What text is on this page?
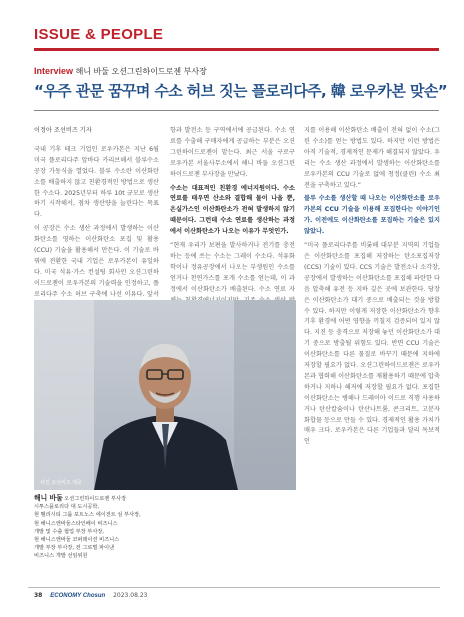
ISSUE & PEOPLE
Interview 해니 바둘 오션그린하이드로젠 부사장
“우주 관문 꿈꾸며 수소 허브 짓는 플로리다주, 韓 로우카본 맞손”

이정아 조선비즈 기자

국내 기후 테크 기업인 로우카본은 지난 6월 미국 플로리다주 앞바다 카리브해서 블루수소 공장 가동식을 열었다. 블루 수소란 이산화탄소를 배출하지 않고 친환경적인 방법으로 생산한 수소다. 2025년부터 하루 10t 규모로 생산하기 시작해서, 점차 생산량을 늘린다는 목표다.

이 공장은 수소 생산 과정에서 발생하는 이산화탄소를 영하는 이산화탄소 포집 및 활용(CCU) 기술을 활용해서 만든다. 이 기술로 바꿔에 전환한 국내 기업은 로우카본이 유일하다. 미국 석유·가스 컨설팅 회사인 오션그린하이드로젠이 로우카본의 기술력을 인정하고, 플로리다주 수소 허브 구축에 나선 이유다. 앞서

항과 발전소 등 구역에서에 공급된다. 수소 연료를 수출해 구매자에게 공급하는 부분은 오션그린하이드로젠이 맡는다. 최근 서울 구로구 로우카본 서울사무소에서 해니 바둘 오션그린하이드로젠 부사장을 만났다.

수소는 대표적인 친환경 에너지원이다. 수소 연료를 태우면 산소와 결합해 물이 나올 뿐, 온실가스인 이산화탄소가 전혀 발생하지 않기 때문이다. 그런데 수소 연료를 생산하는 과정에서 이산화탄소가 나오는 이유가 무엇인가.

“현재 우리가 보편을 발사하거나 전기를 충전하는 등에 쓰는 수소는 그레이 수소다. 석유화학이나 정유공장에서 나오는 부생원인 수소를 얻거나 천연가스를 포개 수소를 얻는데, 이 과정에서 이산화탄소가 배출된다. 수소 연료 자

지를 이용해 이산화탄소 배출이 전혀 없이 수소(그린 수소)를 얻는 방법도 있다. 하지만 이런 방법은 아직 기술적, 경제적인 문제가 해결되지 않았다. 우리는 수소 생산 과정에서 발생하는 이산화탄소를 로우카본의 CCU 기술로 없애 청정(클린) 수소 최전을 구축하고 있다.”

블루 수소를 생산할 때 나오는 이산화탄소를 로우카본의 CCU 기술을 이용해 포집한다는 이야기인가. 이전에도 이산화탄소를 포집하는 기술은 있지 않았나.

“미국 플로리다주를 비롯해 대부분 지역의 기업들은 이산화탄소를 포집해 저장하는 탄소포집저장(CCS) 기술이 있다. CCS 기술은 발전소나 소각장, 공장에서 발생하는 이산화탄소를 포집해 파란한 다음 압축해 유전 등 지하 깊은 곳에 보관한다. 당장은 이산화탄소가 대기 중으로 배출되는 것을 방할 수 있다. 하지만 이렇게 저장한 이산화탄소가 향후 기후 환경에 어떤 영향을 끼칠지 검증되어 있지 않다. 지진 등 충격으로 저장해 놓던 이산화탄소가 대기 중으로 방출될 위험도 있다. 반면 CCU 기술은 이산화탄소를 다른 물질로 바꾸기 때문에 지하에 저장할 필요가 없다. 오션그린하이드로젠은 로우카본과 협력해 이산화탄소를 재활용하기 때문에 압축하거나 지하나 해저에 저장할 필요가 없다. 포집한 이산화탄소는 병해나 드레이아 이드로 직행 사용하거나 탄산칼슘이나 탄산나트륨, 콘크리트, 고분자 화합물 등으로 만들 수 있다. 경제적인 활용 가치가 매우 크다. 로우카본은 다른 기업들과 달리 독보적인

사진 조선비즈 제공
해니 바둘 오션그린하이드로젠 부사장
시투스플로리다 대 도시공학,
현 벨리시티 그룹 포트노스 에이전트 심 부사장,
현 해니스앤바둘스타인베이 비즈니스
개발 및 수출 협업 부장 부사장,
현 해니스앤바둘 코퍼레이션 비즈니스
개발 부장 부사장, 전 그로벌 파이낸
비즈니스 개발 선임위원
38 ECONOMY Chosun 2023.08.23
